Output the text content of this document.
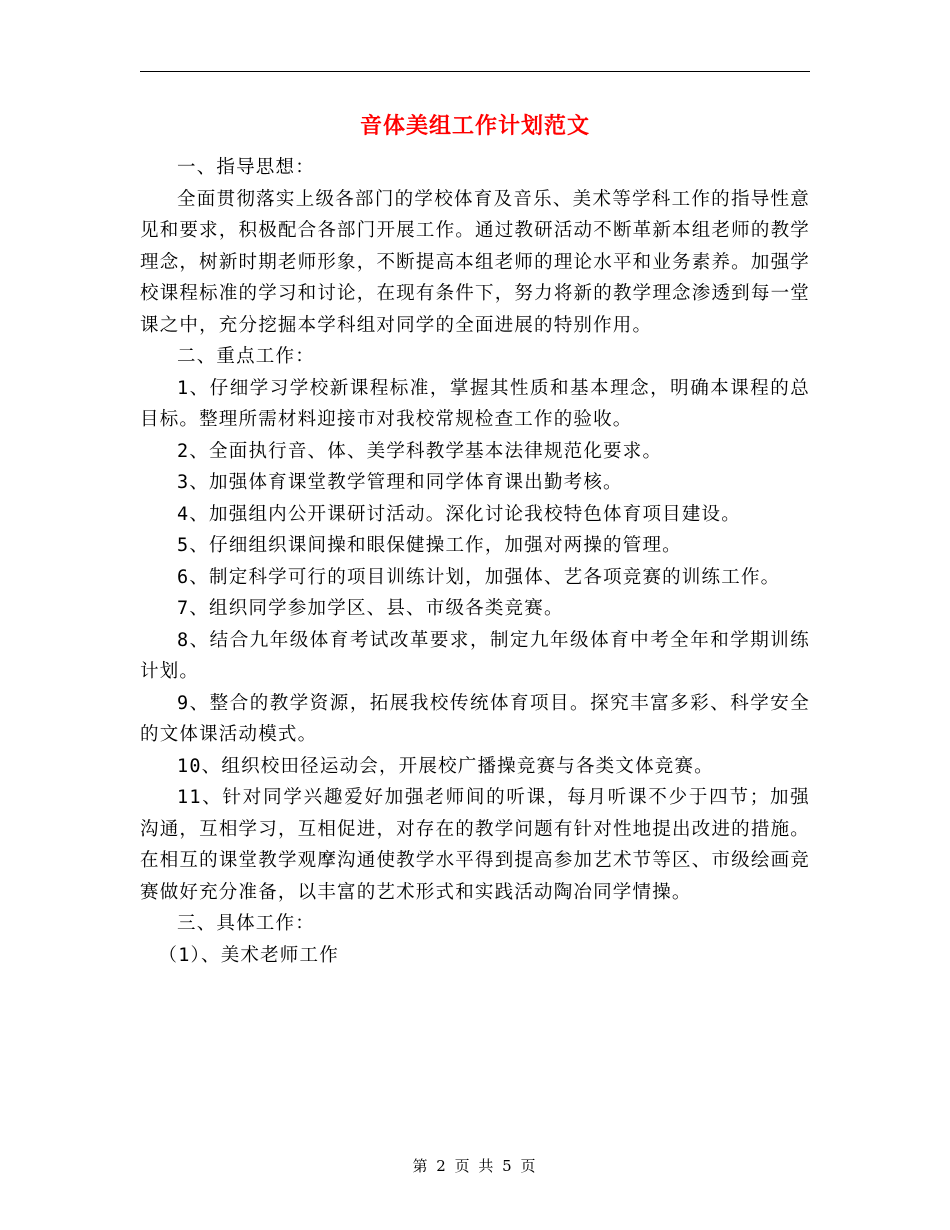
音体美组工作计划范文

一、指导思想：

全面贯彻落实上级各部门的学校体育及音乐、美术等学科工作的指导性意见和要求，积极配合各部门开展工作。通过教研活动不断革新本组老师的教学理念，树新时期老师形象，不断提高本组老师的理论水平和业务素养。加强学校课程标准的学习和讨论，在现有条件下，努力将新的教学理念渗透到每一堂课之中，充分挖掘本学科组对同学的全面进展的特别作用。

二、重点工作：

1、仔细学习学校新课程标准，掌握其性质和基本理念，明确本课程的总目标。整理所需材料迎接市对我校常规检查工作的验收。

2、全面执行音、体、美学科教学基本法律规范化要求。

3、加强体育课堂教学管理和同学体育课出勤考核。

4、加强组内公开课研讨活动。深化讨论我校特色体育项目建设。

5、仔细组织课间操和眼保健操工作，加强对两操的管理。

6、制定科学可行的项目训练计划，加强体、艺各项竞赛的训练工作。

7、组织同学参加学区、县、市级各类竞赛。

8、结合九年级体育考试改革要求，制定九年级体育中考全年和学期训练计划。

9、整合的教学资源，拓展我校传统体育项目。探究丰富多彩、科学安全的文体课活动模式。

10、组织校田径运动会，开展校广播操竞赛与各类文体竞赛。

11、针对同学兴趣爱好加强老师间的听课，每月听课不少于四节；加强沟通，互相学习，互相促进，对存在的教学问题有针对性地提出改进的措施。在相互的课堂教学观摩沟通使教学水平得到提高参加艺术节等区、市级绘画竞赛做好充分准备，以丰富的艺术形式和实践活动陶冶同学情操。

三、具体工作：

（1）、美术老师工作

第 2 页 共 5 页
